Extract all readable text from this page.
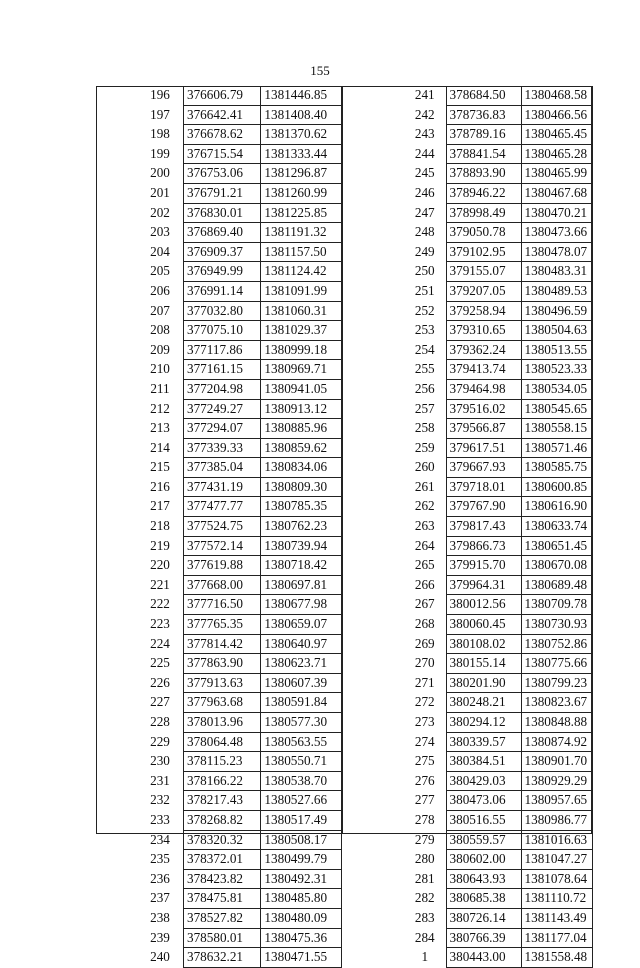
155
196	376606.79	1381446.85
197	376642.41	1381408.40
198	376678.62	1381370.62
199	376715.54	1381333.44
200	376753.06	1381296.87
201	376791.21	1381260.99
202	376830.01	1381225.85
203	376869.40	1381191.32
204	376909.37	1381157.50
205	376949.99	1381124.42
206	376991.14	1381091.99
207	377032.80	1381060.31
208	377075.10	1381029.37
209	377117.86	1380999.18
210	377161.15	1380969.71
211	377204.98	1380941.05
212	377249.27	1380913.12
213	377294.07	1380885.96
214	377339.33	1380859.62
215	377385.04	1380834.06
216	377431.19	1380809.30
217	377477.77	1380785.35
218	377524.75	1380762.23
219	377572.14	1380739.94
220	377619.88	1380718.42
221	377668.00	1380697.81
222	377716.50	1380677.98
223	377765.35	1380659.07
224	377814.42	1380640.97
225	377863.90	1380623.71
226	377913.63	1380607.39
227	377963.68	1380591.84
228	378013.96	1380577.30
229	378064.48	1380563.55
230	378115.23	1380550.71
231	378166.22	1380538.70
232	378217.43	1380527.66
233	378268.82	1380517.49
234	378320.32	1380508.17
235	378372.01	1380499.79
236	378423.82	1380492.31
237	378475.81	1380485.80
238	378527.82	1380480.09
239	378580.01	1380475.36
240	378632.21	1380471.55
241	378684.50	1380468.58
242	378736.83	1380466.56
243	378789.16	1380465.45
244	378841.54	1380465.28
245	378893.90	1380465.99
246	378946.22	1380467.68
247	378998.49	1380470.21
248	379050.78	1380473.66
249	379102.95	1380478.07
250	379155.07	1380483.31
251	379207.05	1380489.53
252	379258.94	1380496.59
253	379310.65	1380504.63
254	379362.24	1380513.55
255	379413.74	1380523.33
256	379464.98	1380534.05
257	379516.02	1380545.65
258	379566.87	1380558.15
259	379617.51	1380571.46
260	379667.93	1380585.75
261	379718.01	1380600.85
262	379767.90	1380616.90
263	379817.43	1380633.74
264	379866.73	1380651.45
265	379915.70	1380670.08
266	379964.31	1380689.48
267	380012.56	1380709.78
268	380060.45	1380730.93
269	380108.02	1380752.86
270	380155.14	1380775.66
271	380201.90	1380799.23
272	380248.21	1380823.67
273	380294.12	1380848.88
274	380339.57	1380874.92
275	380384.51	1380901.70
276	380429.03	1380929.29
277	380473.06	1380957.65
278	380516.55	1380986.77
279	380559.57	1381016.63
280	380602.00	1381047.27
281	380643.93	1381078.64
282	380685.38	1381110.72
283	380726.14	1381143.49
284	380766.39	1381177.04
1	380443.00	1381558.48
